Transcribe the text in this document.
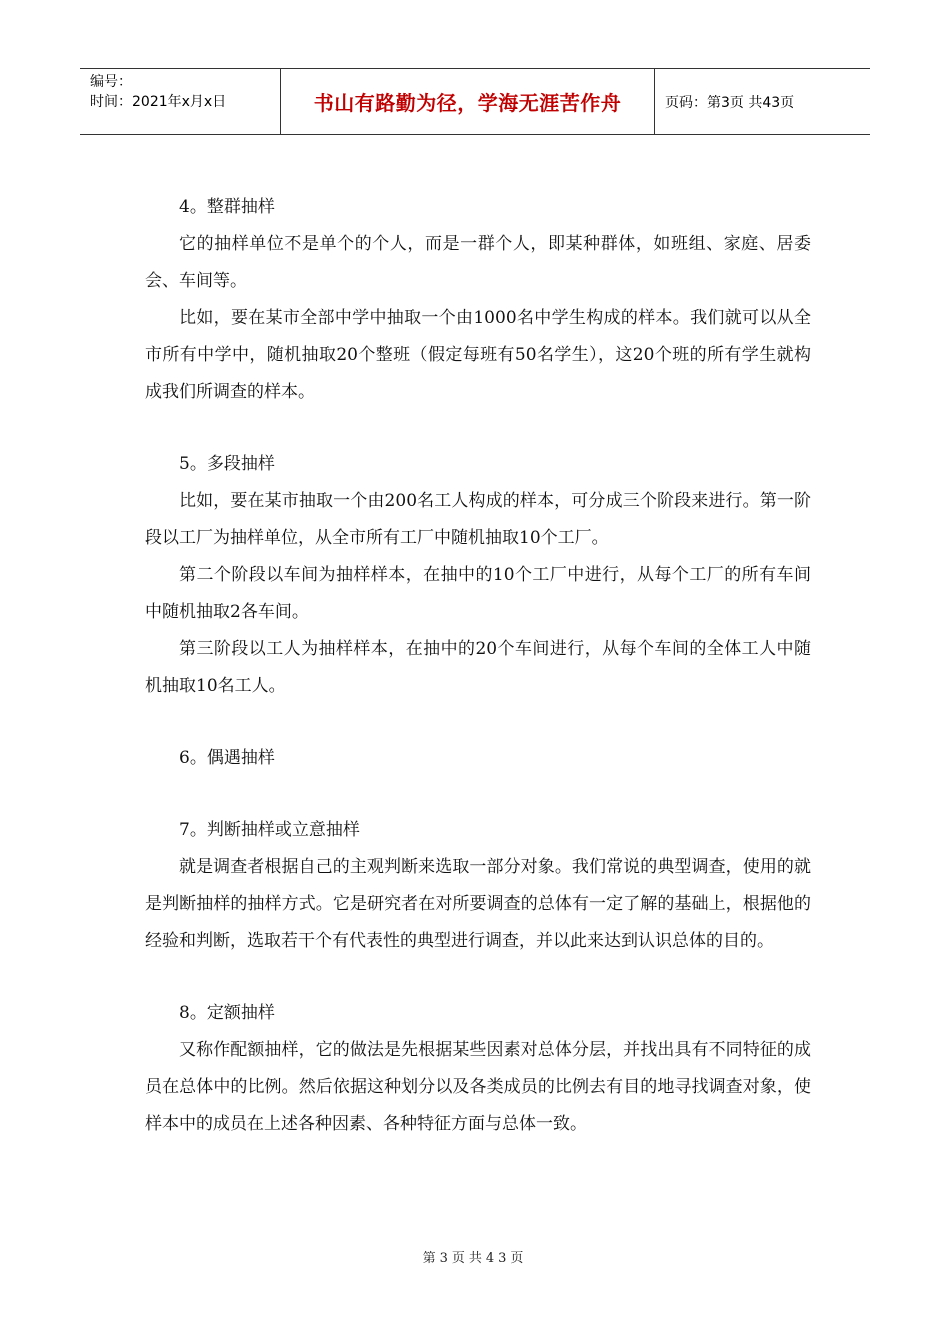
编号：
时间：2021年x月x日	书山有路勤为径，学海无涯苦作舟	页码：第3页 共43页

4。整群抽样

它的抽样单位不是单个的个人，而是一群个人，即某种群体，如班组、家庭、居委会、车间等。

比如，要在某市全部中学中抽取一个由1000名中学生构成的样本。我们就可以从全市所有中学中，随机抽取20个整班（假定每班有50名学生），这20个班的所有学生就构成我们所调查的样本。

5。多段抽样

比如，要在某市抽取一个由200名工人构成的样本，可分成三个阶段来进行。第一阶段以工厂为抽样单位，从全市所有工厂中随机抽取10个工厂。

第二个阶段以车间为抽样样本，在抽中的10个工厂中进行，从每个工厂的所有车间中随机抽取2各车间。

第三阶段以工人为抽样样本，在抽中的20个车间进行，从每个车间的全体工人中随机抽取10名工人。

6。偶遇抽样

7。判断抽样或立意抽样

就是调查者根据自己的主观判断来选取一部分对象。我们常说的典型调查，使用的就是判断抽样的抽样方式。它是研究者在对所要调查的总体有一定了解的基础上，根据他的经验和判断，选取若干个有代表性的典型进行调查，并以此来达到认识总体的目的。

8。定额抽样

又称作配额抽样，它的做法是先根据某些因素对总体分层，并找出具有不同特征的成员在总体中的比例。然后依据这种划分以及各类成员的比例去有目的地寻找调查对象，使样本中的成员在上述各种因素、各种特征方面与总体一致。

第3页共43页
